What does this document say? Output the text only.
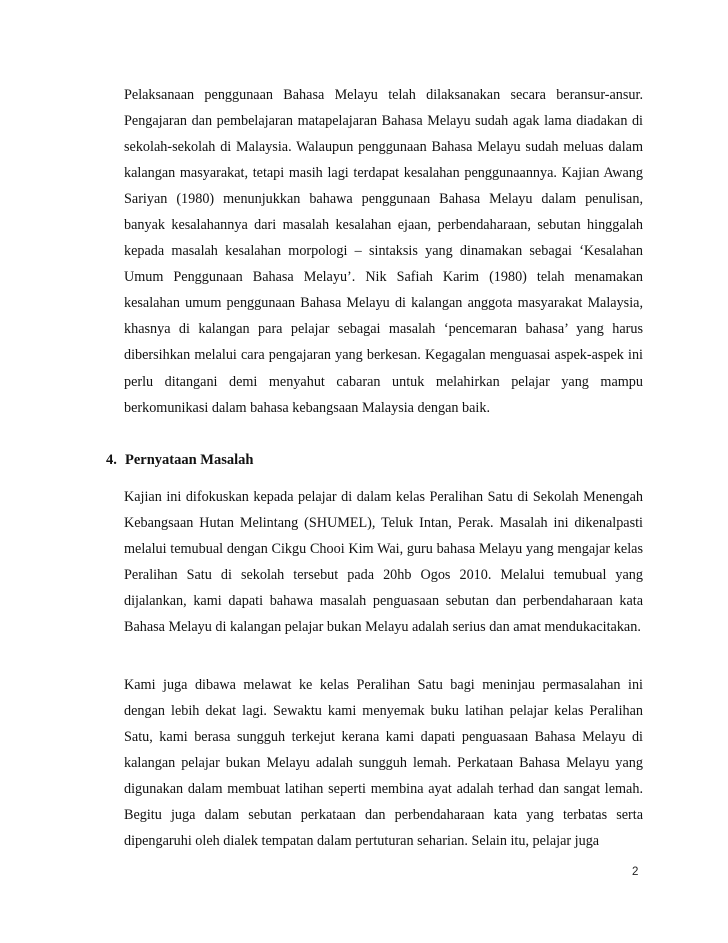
Pelaksanaan penggunaan Bahasa Melayu telah dilaksanakan secara beransur-ansur. Pengajaran dan pembelajaran matapelajaran Bahasa Melayu sudah agak lama diadakan di sekolah-sekolah di Malaysia. Walaupun penggunaan Bahasa Melayu sudah meluas dalam kalangan masyarakat, tetapi masih lagi terdapat kesalahan penggunaannya. Kajian Awang Sariyan (1980) menunjukkan bahawa penggunaan Bahasa Melayu dalam penulisan, banyak kesalahannya dari masalah kesalahan ejaan, perbendaharaan, sebutan hinggalah kepada masalah kesalahan morpologi – sintaksis yang dinamakan sebagai ‘Kesalahan Umum Penggunaan Bahasa Melayu’. Nik Safiah Karim (1980) telah menamakan kesalahan umum penggunaan Bahasa Melayu di kalangan anggota masyarakat Malaysia, khasnya di kalangan para pelajar sebagai masalah ‘pencemaran bahasa’ yang harus dibersihkan melalui cara pengajaran yang berkesan. Kegagalan menguasai aspek-aspek ini perlu ditangani demi menyahut cabaran untuk melahirkan pelajar yang mampu berkomunikasi dalam bahasa kebangsaan Malaysia dengan baik.

4. Pernyataan Masalah

Kajian ini difokuskan kepada pelajar di dalam kelas Peralihan Satu di Sekolah Menengah Kebangsaan Hutan Melintang (SHUMEL), Teluk Intan, Perak. Masalah ini dikenalpasti melalui temubual dengan Cikgu Chooi Kim Wai, guru bahasa Melayu yang mengajar kelas Peralihan Satu di sekolah tersebut pada 20hb Ogos 2010. Melalui temubual yang dijalankan, kami dapati bahawa masalah penguasaan sebutan dan perbendaharaan kata Bahasa Melayu di kalangan pelajar bukan Melayu adalah serius dan amat mendukacitakan.

Kami juga dibawa melawat ke kelas Peralihan Satu bagi meninjau permasalahan ini dengan lebih dekat lagi. Sewaktu kami menyemak buku latihan pelajar kelas Peralihan Satu, kami berasa sungguh terkejut kerana kami dapati penguasaan Bahasa Melayu di kalangan pelajar bukan Melayu adalah sungguh lemah. Perkataan Bahasa Melayu yang digunakan dalam membuat latihan seperti membina ayat adalah terhad dan sangat lemah. Begitu juga dalam sebutan perkataan dan perbendaharaan kata yang terbatas serta dipengaruhi oleh dialek tempatan dalam pertuturan seharian. Selain itu, pelajar juga

2
